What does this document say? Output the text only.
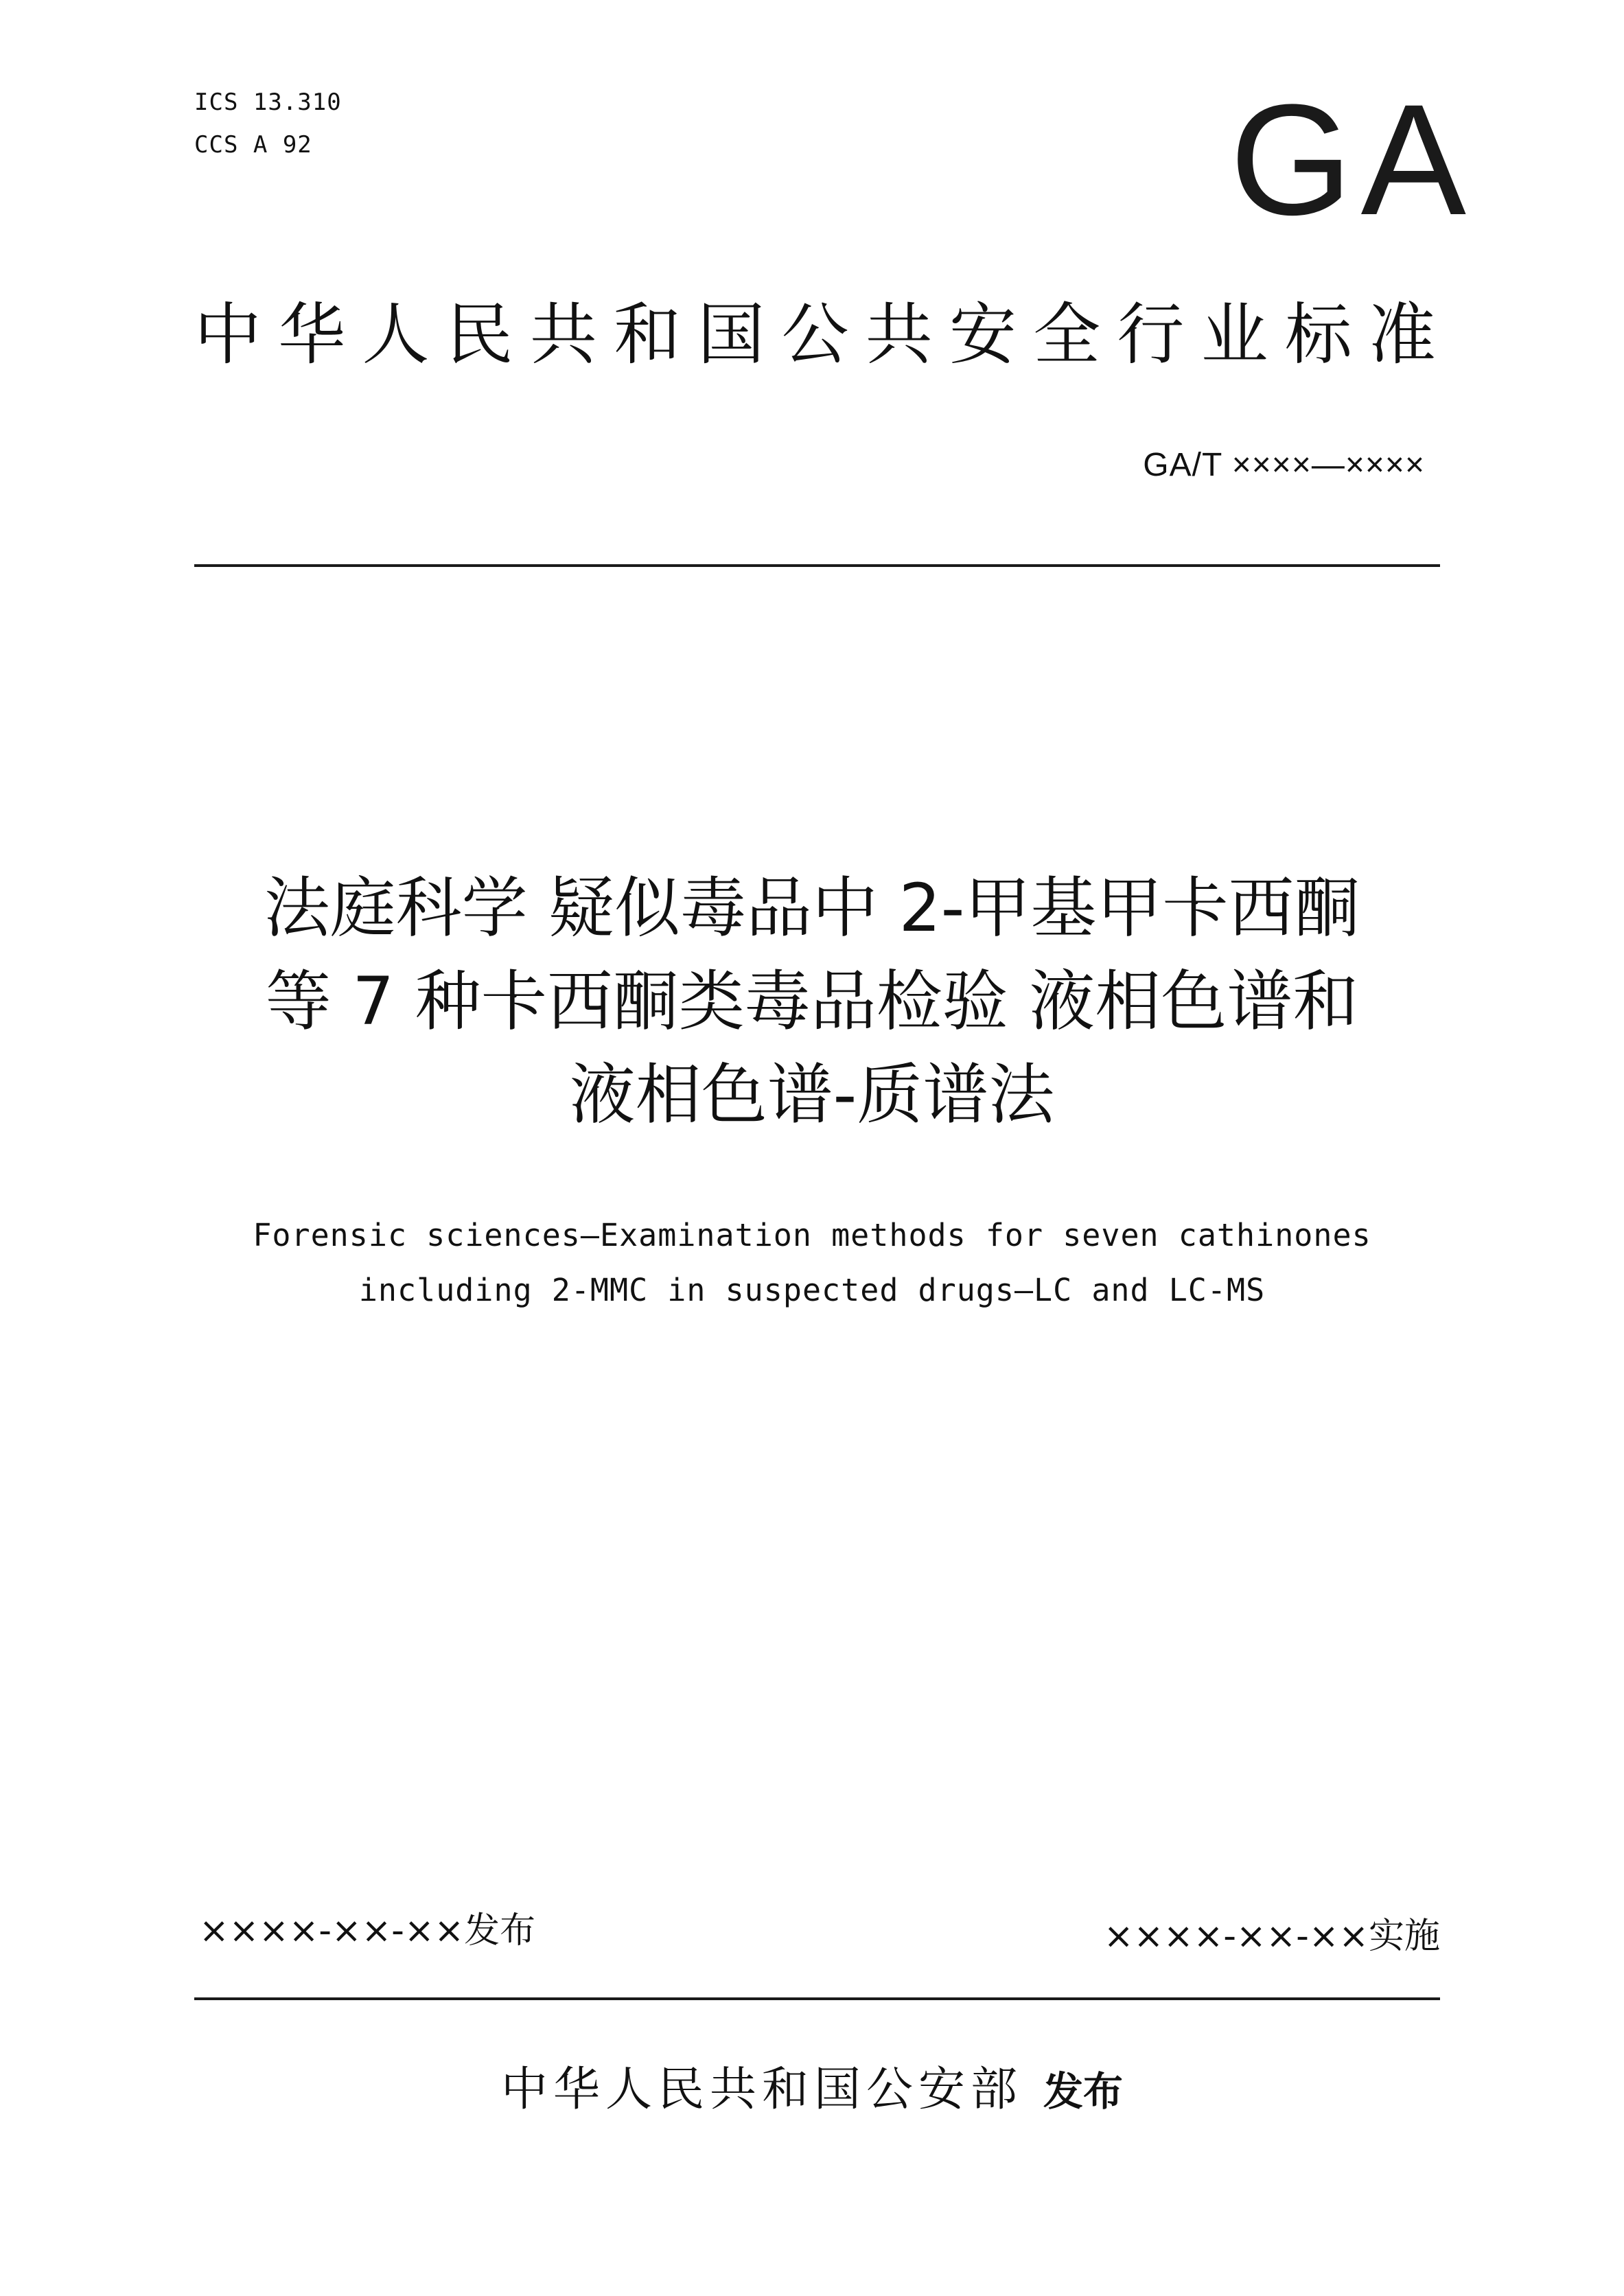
ICS 13.310
CCS A 92	GA
中华人民共和国公共安全行业标准
GA/T ××××—××××
法庭科学 疑似毒品中 2-甲基甲卡西酮
等 7 种卡西酮类毒品检验 液相色谱和
液相色谱-质谱法
Forensic sciences—Examination methods for seven cathinones
including 2-MMC in suspected drugs—LC and LC-MS
××××-××-××发布	××××-××-××实施
中华人民共和国公安部 发布
